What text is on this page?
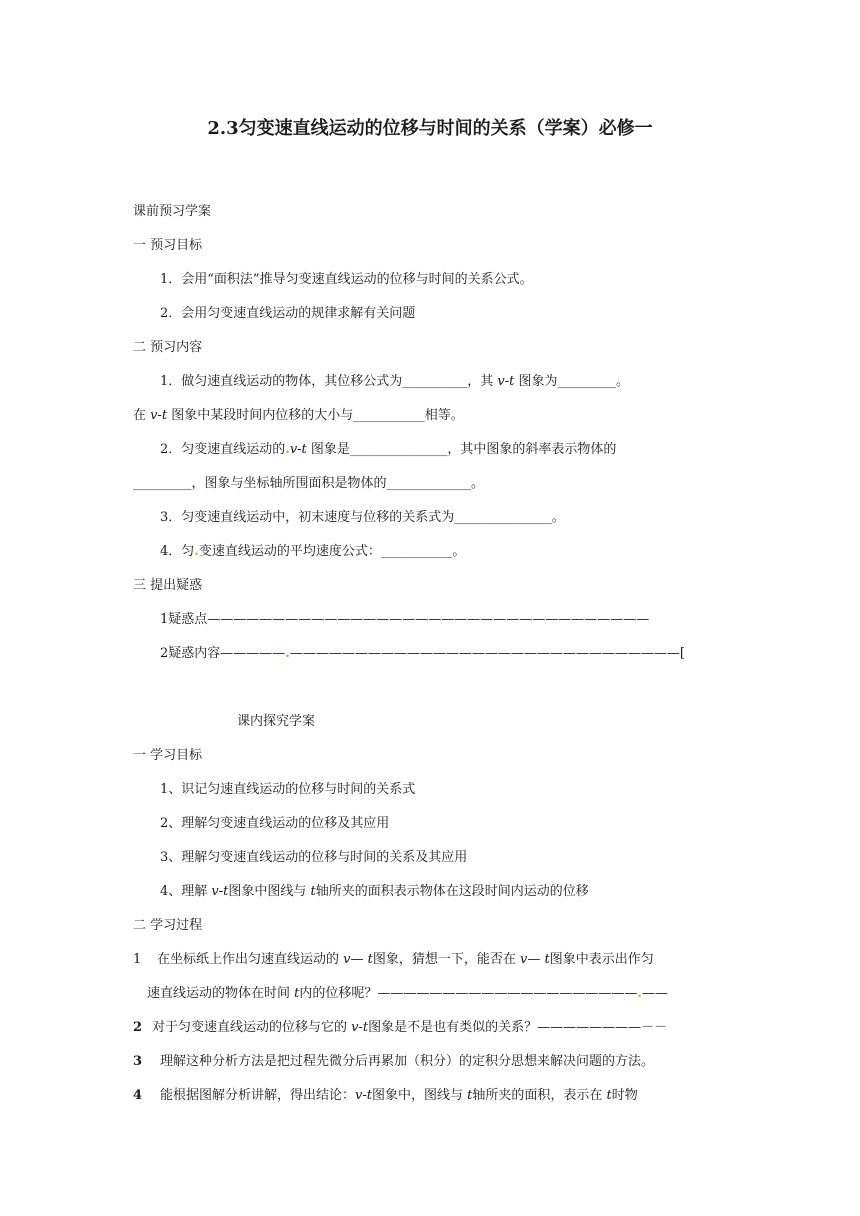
2.3匀变速直线运动的位移与时间的关系（学案）必修一
课前预习学案
一 预习目标
1．会用“面积法”推导匀变速直线运动的位移与时间的关系公式。
2．会用匀变速直线运动的规律求解有关问题
二 预习内容
1．做匀速直线运动的物体，其位移公式为__________，其 v-t 图象为_________。
在 v-t 图象中某段时间内位移的大小与___________相等。
2．匀变速直线运动的.v-t 图象是_______________，其中图象的斜率表示物体的
_________，图象与坐标轴所围面积是物体的_____________。
3．匀变速直线运动中，初末速度与位移的关系式为_______________。
4．匀.变速直线运动的平均速度公式：___________。
三 提出疑惑
1疑惑点——————————————————————————————————
2疑惑内容—————.——————————————————————————————[
课内探究学案
一 学习目标
1、识记匀速直线运动的位移与时间的关系式
2、理解匀变速直线运动的位移及其应用
3、理解匀变速直线运动的位移与时间的关系及其应用
4、理解 v-t图象中图线与 t轴所夹的面积表示物体在这段时间内运动的位移
二 学习过程
1 在坐标纸上作出匀速直线运动的 v— t图象，猜想一下，能否在 v— t图象中表示出作匀
速直线运动的物体在时间 t内的位移呢？————————————————————.——
2 对于匀变速直线运动的位移与它的 v-t图象是不是也有类似的关系？————————－－
3 理解这种分析方法是把过程先微分后再累加（积分）的定积分思想来解决问题的方法。
4 能根据图解分析讲解，得出结论：v-t图象中，图线与 t轴所夹的面积，表示在 t时物
